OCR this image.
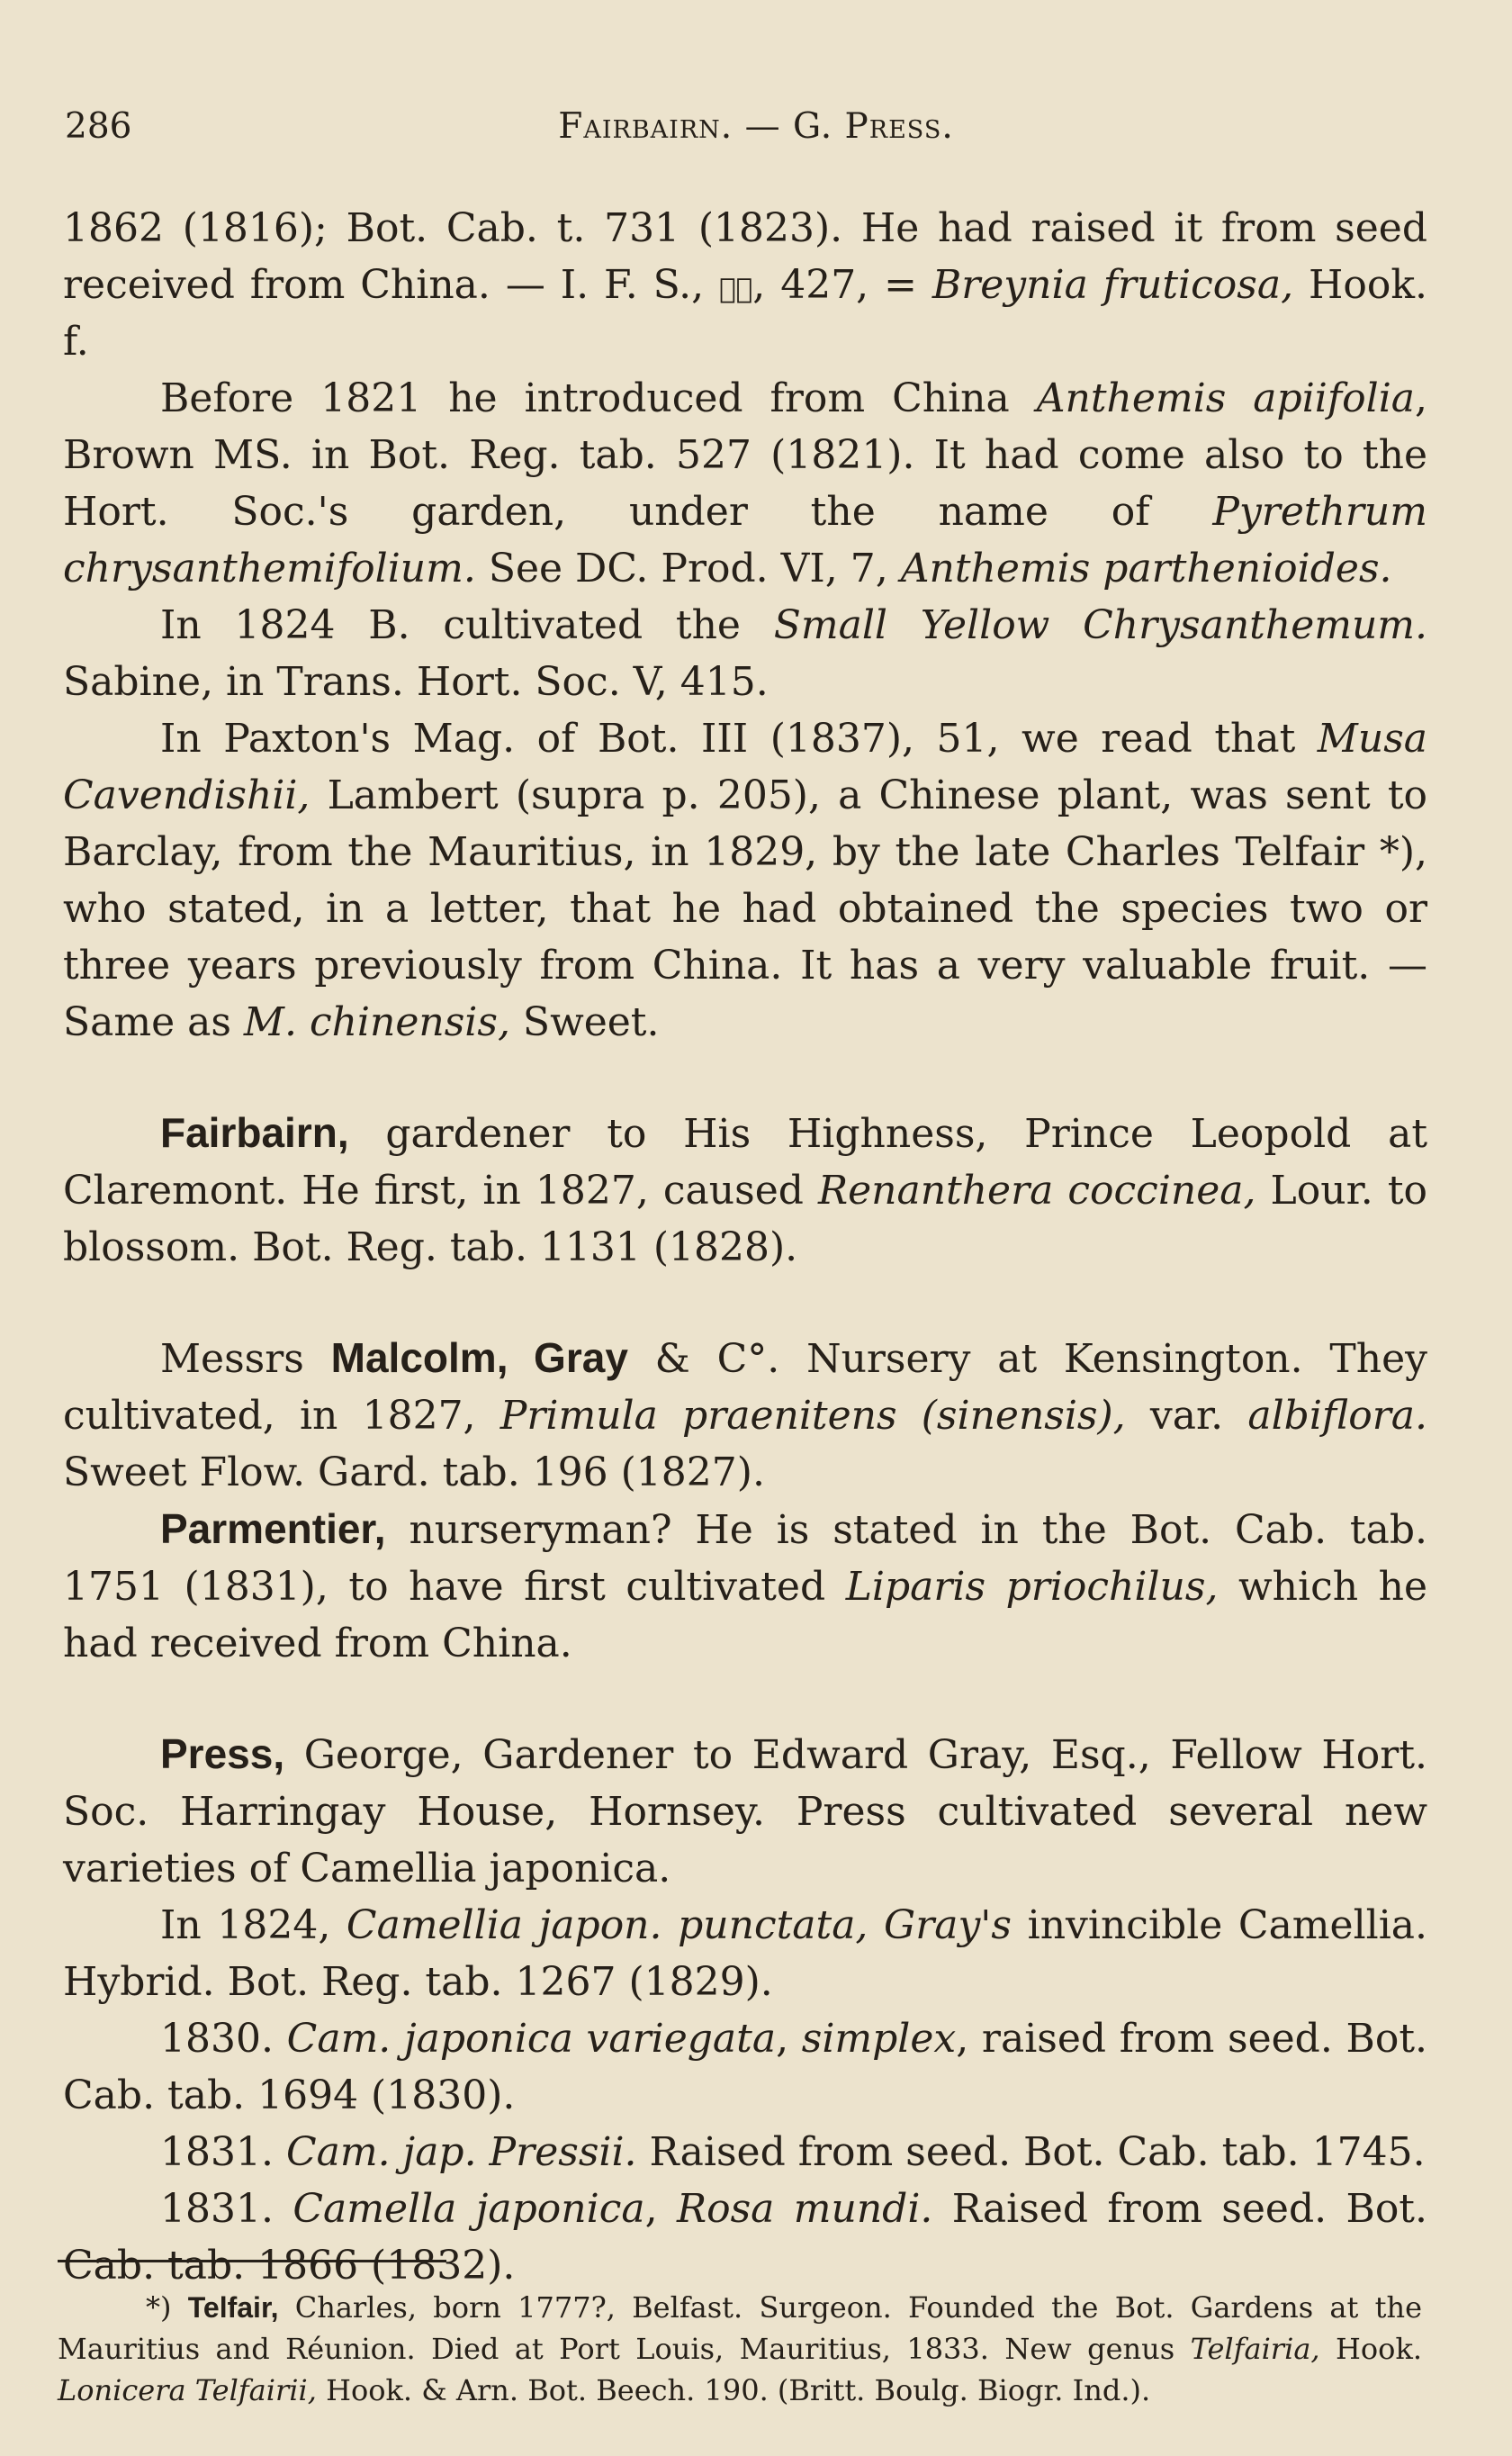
286	Fairbairn. — G. Press.

1862 (1816); Bot. Cab. t. 731 (1823). He had raised it from seed received from China. — I. F. S., ɪɪ, 427, = Breynia fruticosa, Hook. f.

Before 1821 he introduced from China Anthemis apiifolia, Brown MS. in Bot. Reg. tab. 527 (1821). It had come also to the Hort. Soc.'s garden, under the name of Pyrethrum chrysanthemifolium. See DC. Prod. VI, 7, Anthemis parthenioides.

In 1824 B. cultivated the Small Yellow Chrysanthemum. Sabine, in Trans. Hort. Soc. V, 415.

In Paxton's Mag. of Bot. III (1837), 51, we read that Musa Cavendishii, Lambert (supra p. 205), a Chinese plant, was sent to Barclay, from the Mauritius, in 1829, by the late Charles Telfair *), who stated, in a letter, that he had obtained the species two or three years previously from China. It has a very valuable fruit. — Same as M. chinensis, Sweet.

Fairbairn, gardener to His Highness, Prince Leopold at Claremont. He first, in 1827, caused Renanthera coccinea, Lour. to blossom. Bot. Reg. tab. 1131 (1828).

Messrs Malcolm, Gray & C°. Nursery at Kensington. They cultivated, in 1827, Primula praenitens (sinensis), var. albiflora. Sweet Flow. Gard. tab. 196 (1827).

Parmentier, nurseryman? He is stated in the Bot. Cab. tab. 1751 (1831), to have first cultivated Liparis priochilus, which he had received from China.

Press, George, Gardener to Edward Gray, Esq., Fellow Hort. Soc. Harringay House, Hornsey. Press cultivated several new varieties of Camellia japonica.

In 1824, Camellia japon. punctata, Gray's invincible Camellia. Hybrid. Bot. Reg. tab. 1267 (1829).

1830. Cam. japonica variegata, simplex, raised from seed. Bot. Cab. tab. 1694 (1830).

1831. Cam. jap. Pressii. Raised from seed. Bot. Cab. tab. 1745.

1831. Camella japonica, Rosa mundi. Raised from seed. Bot. Cab. tab. 1866 (1832).

*) Telfair, Charles, born 1777?, Belfast. Surgeon. Founded the Bot. Gardens at the Mauritius and Réunion. Died at Port Louis, Mauritius, 1833. New genus Telfairia, Hook. Lonicera Telfairii, Hook. & Arn. Bot. Beech. 190. (Britt. Boulg. Biogr. Ind.).
